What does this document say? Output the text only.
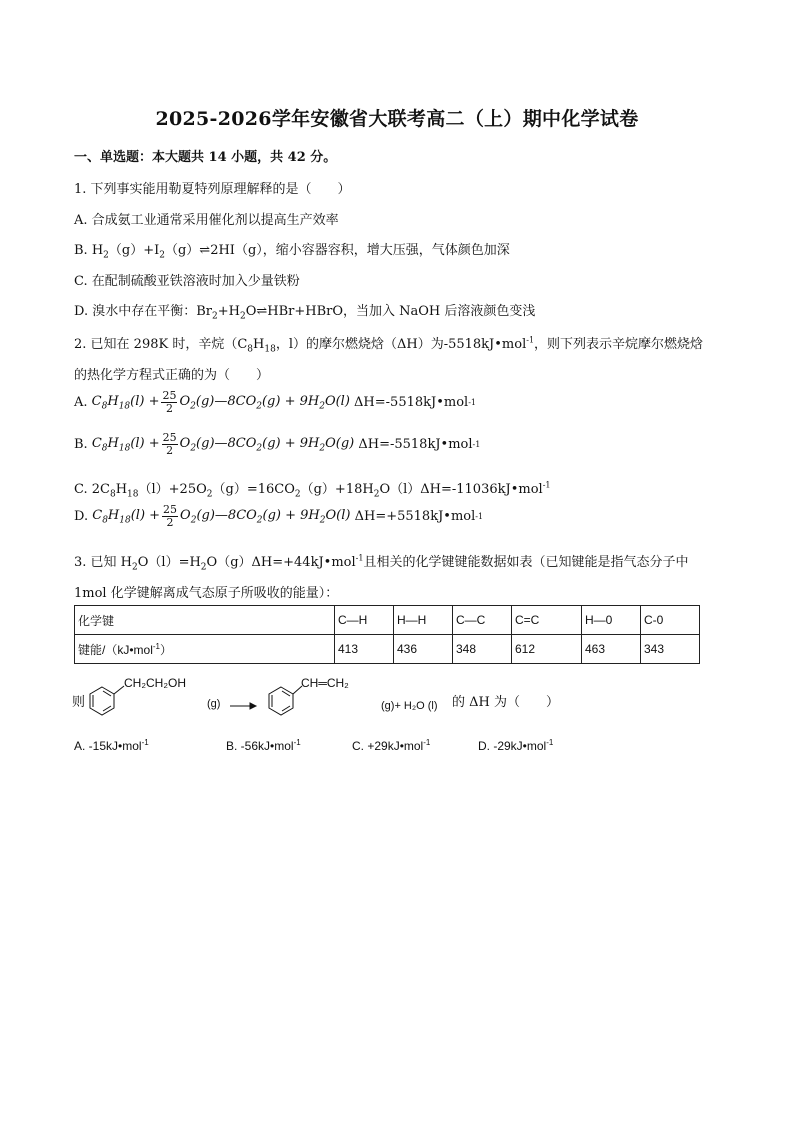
2025-2026学年安徽省大联考高二（上）期中化学试卷
一、单选题：本大题共 14 小题，共 42 分。
1. 下列事实能用勒夏特列原理解释的是（　　）
A. 合成氨工业通常采用催化剂以提高生产效率
B. $H_2(g)+I_2(g)\rightleftharpoons 2HI(g)$，缩小容器容积，增大压强，气体颜色加深
C. 在配制硫酸亚铁溶液时加入少量铁粉
D. 溴水中存在平衡：$Br_2+H_2O\rightleftharpoons HBr+HBrO$，当加入 NaOH 后溶液颜色变浅
2. 已知在 298K 时，辛烷（$C_8H_{18}$，l）的摩尔燃烧焓（ΔH）为-5518kJ•mol$^{-1}$，则下列表示辛烷摩尔燃烧焓
的热化学方程式正确的为（　　）
A.
$C_8H_{18}(l) + \frac{25}{2}$ $O_2(g)—8CO_2(g) + 9H_2O(l)$
ΔH=-5518kJ•mol -1
B.
$C_8H_{18}(l) + \frac{25}{2}$ $O_2(g)—8CO_2(g) + 9H_2O(g)$
ΔH=-5518kJ•mol -1
C. $2C_8H_{18}(l)+25O_2(g)=16CO_2(g)+18H_2O(l)\Delta H=-11036kJ•mol^{-1}$
D.
$C_8H_{18}(l) + \frac{25}{2}$ $O_2(g)—8CO_2(g) + 9H_2O(l)$
ΔH=+5518kJ•mol -1
3. 已知 $H_2O(l)=H_2O(g)\Delta H=+44kJ•mol^{-1}$且相关的化学键键能数据如表（已知键能是指气态分子中
1mol 化学键解离成气态原子所吸收的能量）：
化学键	C—H	H—H	C—C	C=C	H—0	C-0
键能/（kJ•mol$^{-1}$）	413	436	348	612	463	343
则
CH₂CH₂OH
(g)
CH═CH₂
(g)+ H₂O (l) 的 ΔH 为（　　）
A. -15kJ•mol$^{-1}$	B. -56kJ•mol$^{-1}$	C. +29kJ•mol$^{-1}$	D. -29kJ•mol$^{-1}$
